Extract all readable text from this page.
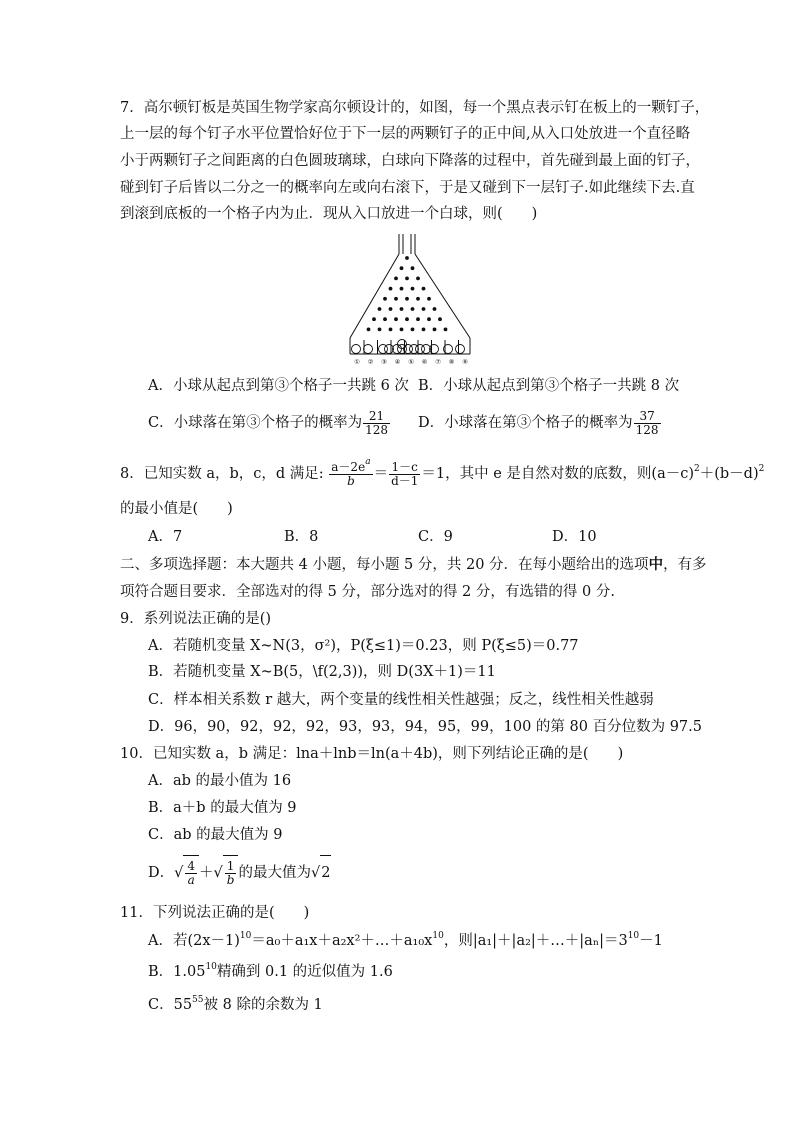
7．高尔顿钉板是英国生物学家高尔顿设计的，如图，每一个黑点表示钉在板上的一颗钉子，
上一层的每个钉子水平位置恰好位于下一层的两颗钉子的正中间,从入口处放进一个直径略
小于两颗钉子之间距离的白色圆玻璃球，白球向下降落的过程中，首先碰到最上面的钉子，
碰到钉子后皆以二分之一的概率向左或向右滚下，于是又碰到下一层钉子.如此继续下去.直
到滚到底板的一个格子内为止．现从入口放进一个白球，则(　　)
① ② ③ ④ ⑤ ⑥ ⑦ ⑧ ⑨
A．小球从起点到第③个格子一共跳 6 次 B．小球从起点到第③个格子一共跳 8 次
C．小球落在第③个格子的概率为 $\frac{21}{128}$ D．小球落在第③个格子的概率为 $\frac{37}{128}$
8．已知实数 a，b，c，d 满足: $\frac{a-2e^a}{b} = \frac{1-c}{d-1} =1$，其中 e 是自然对数的底数，则$(a-c)^2+(b-d)^2$
的最小值是(　　)
A．7	B．8	C．9	D．10
二、多项选择题：本大题共 4 小题，每小题 5 分，共 20 分．在每小题给出的选项中，有多
项符合题目要求．全部选对的得 5 分，部分选对的得 2 分，有选错的得 0 分.
9．系列说法正确的是()
A．若随机变量 X~N(3，σ²)，P(ξ≤1)＝0.23，则 P(ξ≤5)＝0.77
B．若随机变量 X~B(5，\f(2,3))，则 D(3X＋1)＝11
C．样本相关系数 r 越大，两个变量的线性相关性越强；反之，线性相关性越弱
D．96，90，92，92，92，93，93，94，95，99，100 的第 80 百分位数为 97.5
10．已知实数 a，b 满足：lna＋lnb＝ln(a＋4b)，则下列结论正确的是(　　)
A．ab 的最小值为 16
B．a＋b 的最大值为 9
C．ab 的最大值为 9
D．√ $\frac{4}{a}$ ＋√ $\frac{1}{b}$ 的最大值为√2
11．下列说法正确的是(　　)
A．若$(2x-1)^{10}=a_0+a_1x+a_2x^2+\dots+a_{10}x^{10}$，则$|a_1|+|a_2|+\dots+|a_n|=3^{10}-1$
B．1.05$^{10}$精确到 0.1 的近似值为 1.6
C．$55^{55}$被 8 除的余数为 1
